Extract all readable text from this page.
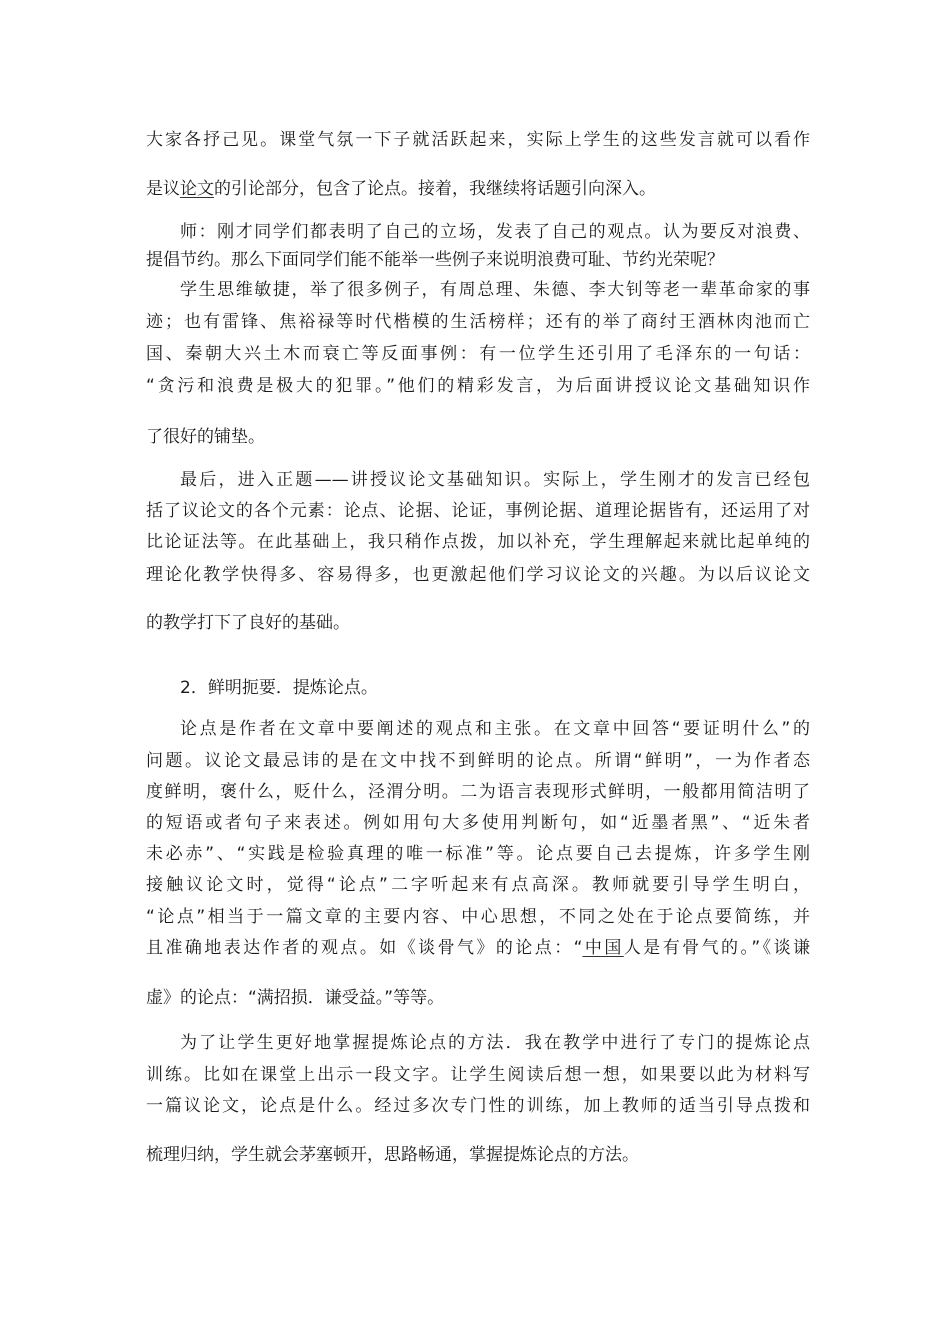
大家各抒己见。课堂气氛一下子就活跃起来，实际上学生的这些发言就可以看作
是议论文的引论部分，包含了论点。接着，我继续将话题引向深入。
师：刚才同学们都表明了自己的立场，发表了自己的观点。认为要反对浪费、
提倡节约。那么下面同学们能不能举一些例子来说明浪费可耻、节约光荣呢？
学生思维敏捷，举了很多例子，有周总理、朱德、李大钊等老一辈革命家的事
迹；也有雷锋、焦裕禄等时代楷模的生活榜样；还有的举了商纣王酒林肉池而亡
国、秦朝大兴土木而衰亡等反面事例：有一位学生还引用了毛泽东的一句话：
“贪污和浪费是极大的犯罪。”他们的精彩发言，为后面讲授议论文基础知识作
了很好的铺垫。
最后，进入正题——讲授议论文基础知识。实际上，学生刚才的发言已经包
括了议论文的各个元素：论点、论据、论证，事例论据、道理论据皆有，还运用了对
比论证法等。在此基础上，我只稍作点拨，加以补充，学生理解起来就比起单纯的
理论化教学快得多、容易得多，也更激起他们学习议论文的兴趣。为以后议论文
的教学打下了良好的基础。
2．鲜明扼要．提炼论点。
论点是作者在文章中要阐述的观点和主张。在文章中回答“要证明什么”的
问题。议论文最忌讳的是在文中找不到鲜明的论点。所谓“鲜明”，一为作者态
度鲜明，褒什么，贬什么，泾渭分明。二为语言表现形式鲜明，一般都用简洁明了
的短语或者句子来表述。例如用句大多使用判断句，如“近墨者黑”、“近朱者
未必赤”、“实践是检验真理的唯一标准”等。论点要自己去提炼，许多学生刚
接触议论文时，觉得“论点”二字听起来有点高深。教师就要引导学生明白，
“论点”相当于一篇文章的主要内容、中心思想，不同之处在于论点要简练，并
且准确地表达作者的观点。如《谈骨气》的论点：“中国人是有骨气的。”《谈谦
虚》的论点：“满招损．谦受益。”等等。
为了让学生更好地掌握提炼论点的方法．我在教学中进行了专门的提炼论点
训练。比如在课堂上出示一段文字。让学生阅读后想一想，如果要以此为材料写
一篇议论文，论点是什么。经过多次专门性的训练，加上教师的适当引导点拨和
梳理归纳，学生就会茅塞顿开，思路畅通，掌握提炼论点的方法。
